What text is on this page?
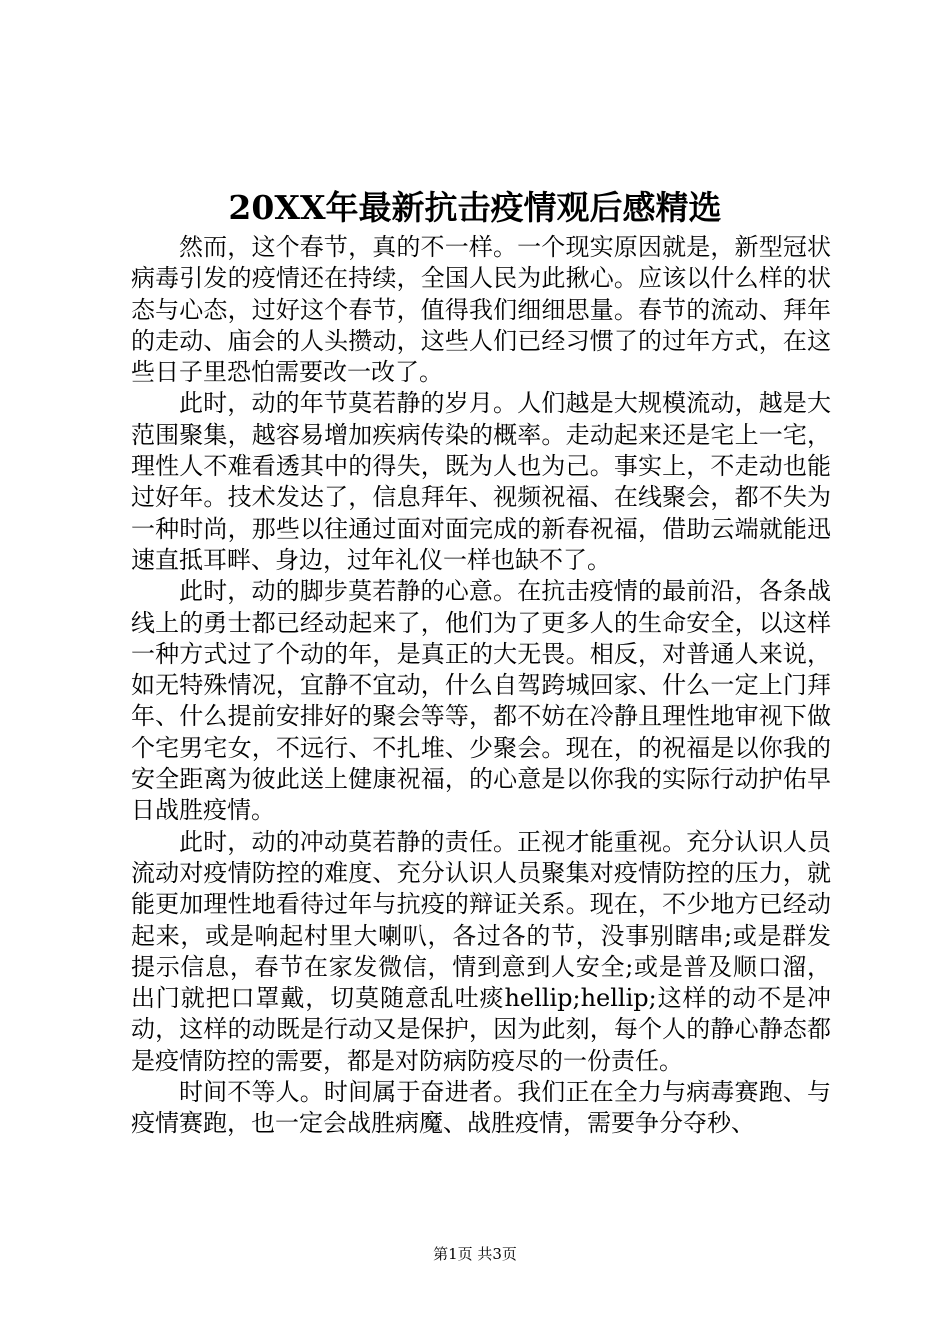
20XX年最新抗击疫情观后感精选

然而，这个春节，真的不一样。一个现实原因就是，新型冠状病毒引发的疫情还在持续，全国人民为此揪心。应该以什么样的状态与心态，过好这个春节，值得我们细细思量。春节的流动、拜年的走动、庙会的人头攒动，这些人们已经习惯了的过年方式，在这些日子里恐怕需要改一改了。

此时，动的年节莫若静的岁月。人们越是大规模流动，越是大范围聚集，越容易增加疾病传染的概率。走动起来还是宅上一宅，理性人不难看透其中的得失，既为人也为己。事实上，不走动也能过好年。技术发达了，信息拜年、视频祝福、在线聚会，都不失为一种时尚，那些以往通过面对面完成的新春祝福，借助云端就能迅速直抵耳畔、身边，过年礼仪一样也缺不了。

此时，动的脚步莫若静的心意。在抗击疫情的最前沿，各条战线上的勇士都已经动起来了，他们为了更多人的生命安全，以这样一种方式过了个动的年，是真正的大无畏。相反，对普通人来说，如无特殊情况，宜静不宜动，什么自驾跨城回家、什么一定上门拜年、什么提前安排好的聚会等等，都不妨在冷静且理性地审视下做个宅男宅女，不远行、不扎堆、少聚会。现在，的祝福是以你我的安全距离为彼此送上健康祝福，的心意是以你我的实际行动护佑早日战胜疫情。

此时，动的冲动莫若静的责任。正视才能重视。充分认识人员流动对疫情防控的难度、充分认识人员聚集对疫情防控的压力，就能更加理性地看待过年与抗疫的辩证关系。现在，不少地方已经动起来，或是响起村里大喇叭，各过各的节，没事别瞎串;或是群发提示信息，春节在家发微信，情到意到人安全;或是普及顺口溜，出门就把口罩戴，切莫随意乱吐痰hellip;hellip;这样的动不是冲动，这样的动既是行动又是保护，因为此刻，每个人的静心静态都是疫情防控的需要，都是对防病防疫尽的一份责任。

时间不等人。时间属于奋进者。我们正在全力与病毒赛跑、与疫情赛跑，也一定会战胜病魔、战胜疫情，需要争分夺秒、

第1页 共3页
